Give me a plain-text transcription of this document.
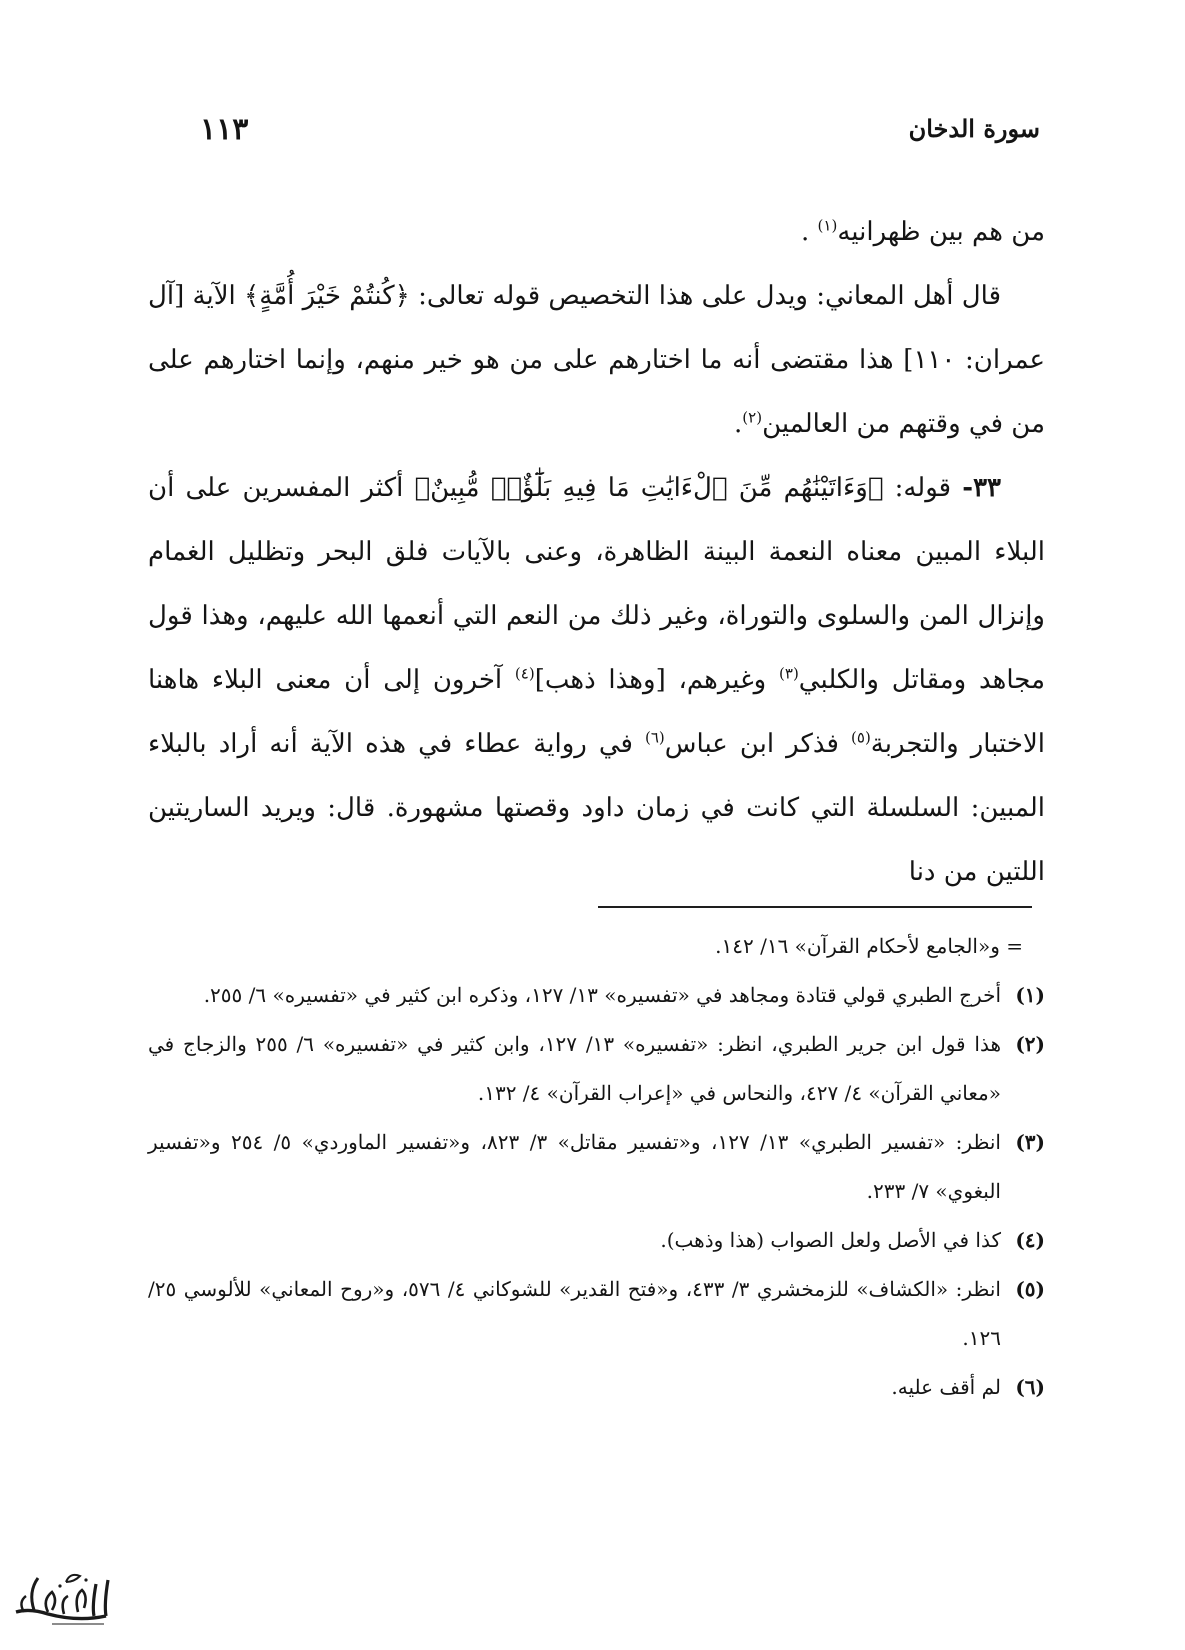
١١٣	سورة الدخان

من هم بين ظهرانيه$^{(١)}$ .

قال أهل المعاني: ويدل على هذا التخصيص قوله تعالى: ﴿كُنتُمْ خَيْرَ أُمَّةٍ﴾ الآية [آل عمران: ١١٠] هذا مقتضى أنه ما اختارهم على من هو خير منهم، وإنما اختارهم على من في وقتهم من العالمين$^{(٢)}$.

٣٣- قوله: ﴿وَءَاتَيْنَٰهُم مِّنَ ٱلْءَايَٰتِ مَا فِيهِ بَلَٰٓؤٌا۟ مُّبِينٌ﴾ أكثر المفسرين على أن البلاء المبين معناه النعمة البينة الظاهرة، وعنى بالآيات فلق البحر وتظليل الغمام وإنزال المن والسلوى والتوراة، وغير ذلك من النعم التي أنعمها الله عليهم، وهذا قول مجاهد ومقاتل والكلبي$^{(٣)}$ وغيرهم، [وهذا ذهب]$^{(٤)}$ آخرون إلى أن معنى البلاء هاهنا الاختبار والتجربة$^{(٥)}$ فذكر ابن عباس$^{(٦)}$ في رواية عطاء في هذه الآية أنه أراد بالبلاء المبين: السلسلة التي كانت في زمان داود وقصتها مشهورة. قال: ويريد الساريتين اللتين من دنا

= و«الجامع لأحكام القرآن» ١٦/ ١٤٢.

(١)
أخرج الطبري قولي قتادة ومجاهد في «تفسيره» ١٣/ ١٢٧، وذكره ابن كثير في «تفسيره» ٦/ ٢٥٥.

(٢)
هذا قول ابن جرير الطبري، انظر: «تفسيره» ١٣/ ١٢٧، وابن كثير في «تفسيره» ٦/ ٢٥٥ والزجاج في «معاني القرآن» ٤/ ٤٢٧، والنحاس في «إعراب القرآن» ٤/ ١٣٢.

(٣)
انظر: «تفسير الطبري» ١٣/ ١٢٧، و«تفسير مقاتل» ٣/ ٨٢٣، و«تفسير الماوردي» ٥/ ٢٥٤ و«تفسير البغوي» ٧/ ٢٣٣.

(٤)
كذا في الأصل ولعل الصواب (هذا وذهب).

(٥)
انظر: «الكشاف» للزمخشري ٣/ ٤٣٣، و«فتح القدير» للشوكاني ٤/ ٥٧٦، و«روح المعاني» للألوسي ٢٥/ ١٢٦.

(٦)
لم أقف عليه.
